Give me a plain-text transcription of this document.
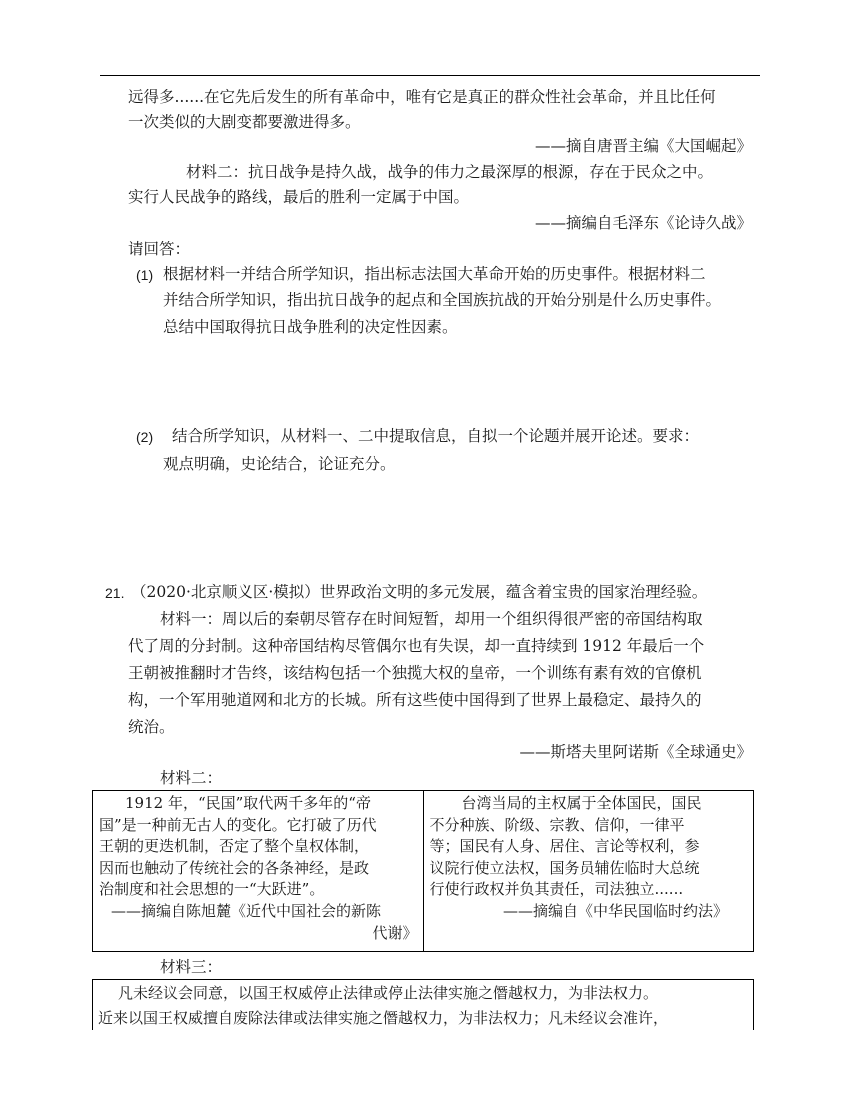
远得多......在它先后发生的所有革命中，唯有它是真正的群众性社会革命，并且比任何
一次类似的大剧变都要激进得多。
——摘自唐晋主编《大国崛起》
材料二：抗日战争是持久战，战争的伟力之最深厚的根源，存在于民众之中。
实行人民战争的路线，最后的胜利一定属于中国。
——摘编自毛泽东《论诗久战》
请回答：
(1) 根据材料一并结合所学知识，指出标志法国大革命开始的历史事件。根据材料二
并结合所学知识，指出抗日战争的起点和全国族抗战的开始分别是什么历史事件。
总结中国取得抗日战争胜利的决定性因素。
(2) 结合所学知识，从材料一、二中提取信息，自拟一个论题并展开论述。要求：
观点明确，史论结合，论证充分。
21. （2020·北京顺义区·模拟）世界政治文明的多元发展，蕴含着宝贵的国家治理经验。
材料一：周以后的秦朝尽管存在时间短暂，却用一个组织得很严密的帝国结构取
代了周的分封制。这种帝国结构尽管偶尔也有失误，却一直持续到 1912 年最后一个
王朝被推翻时才告终，该结构包括一个独揽大权的皇帝，一个训练有素有效的官僚机
构，一个军用驰道网和北方的长城。所有这些使中国得到了世界上最稳定、最持久的
统治。
——斯塔夫里阿诺斯《全球通史》
材料二：
1912 年，“民国”取代两千多年的“帝
国”是一种前无古人的变化。它打破了历代
王朝的更迭机制，否定了整个皇权体制，
因而也触动了传统社会的各条神经，是政
治制度和社会思想的一“大跃进”。
——摘编自陈旭麓《近代中国社会的新陈
代谢》

台湾当局的主权属于全体国民，国民
不分种族、阶级、宗教、信仰，一律平
等；国民有人身、居住、言论等权利，参
议院行使立法权，国务员辅佐临时大总统
行使行政权并负其责任，司法独立......
——摘编自《中华民国临时约法》
材料三：
凡未经议会同意，以国王权威停止法律或停止法律实施之僭越权力，为非法权力。
近来以国王权威擅自废除法律或法律实施之僭越权力，为非法权力；凡未经议会准许，
